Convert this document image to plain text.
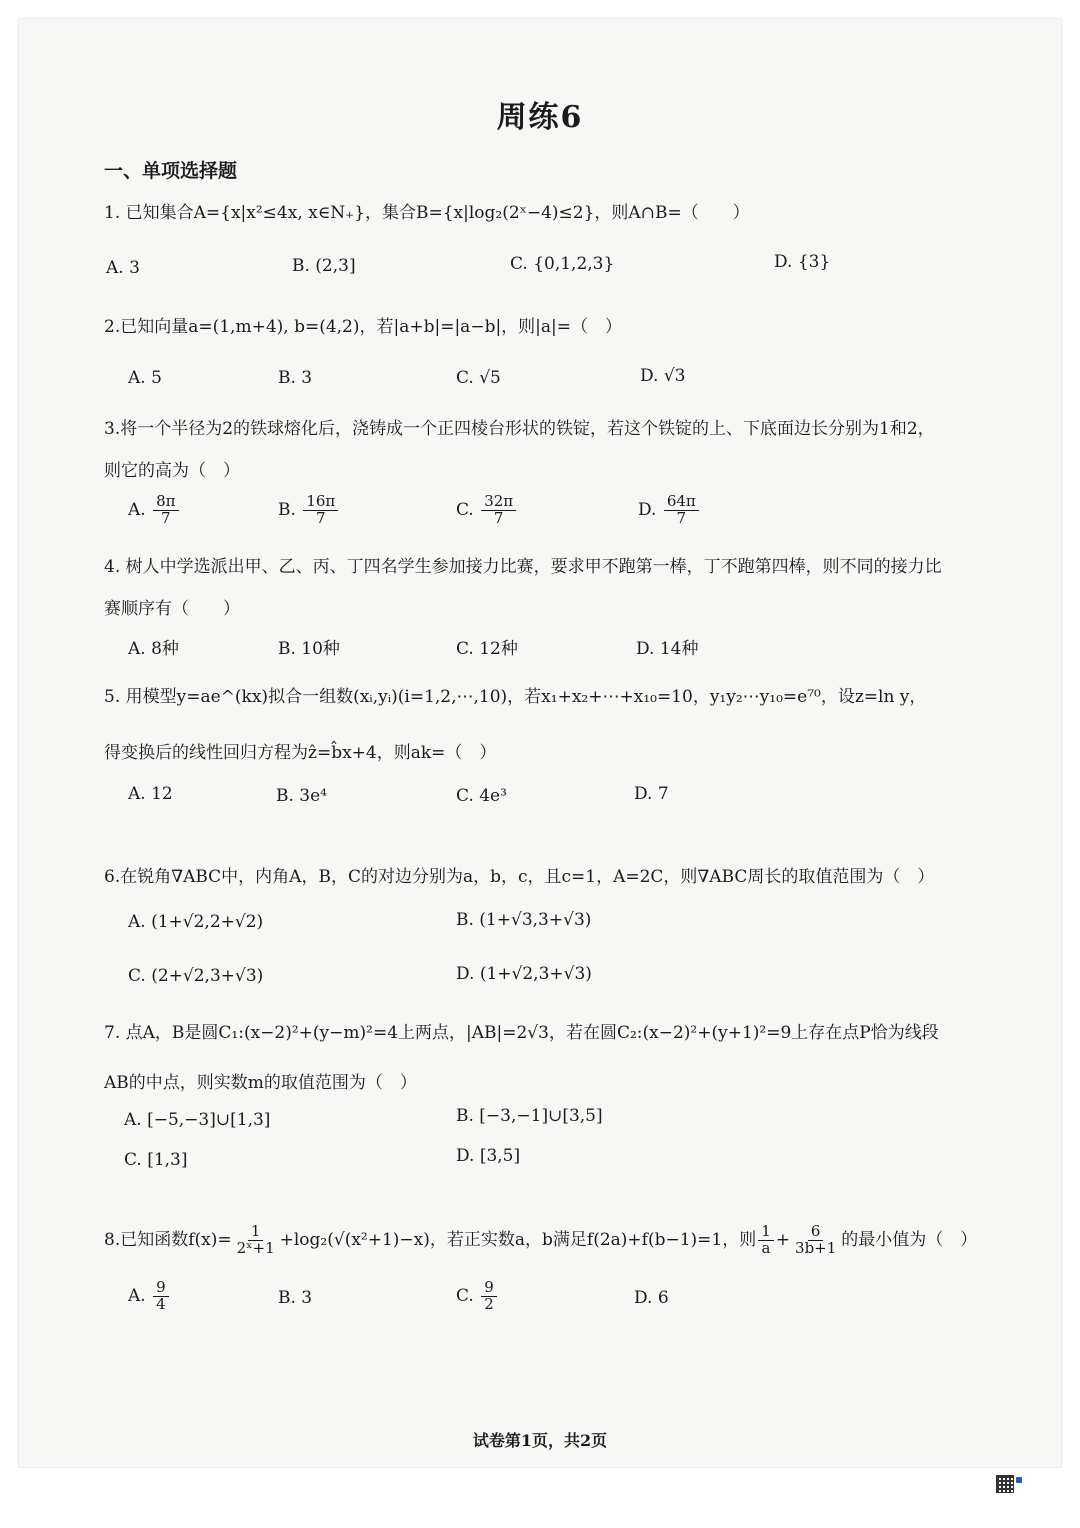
周练6
一、单项选择题
1. 已知集合A={x|x²≤4x, x∈N₊}，集合B={x|log₂(2ˣ−4)≤2}，则A∩B=（　　）
A. 3	B. (2,3]	C. {0,1,2,3}	D. {3}
2.已知向量a=(1,m+4), b=(4,2)，若|a+b|=|a−b|，则|a|=（　）
A. 5	B. 3	C. √5	D. √3
3.将一个半径为2的铁球熔化后，浇铸成一个正四棱台形状的铁锭，若这个铁锭的上、下底面边长分别为1和2，
则它的高为（　）
A. $\frac{8\pi}{7}$	B. $\frac{16\pi}{7}$	C. $\frac{32\pi}{7}$	D. $\frac{64\pi}{7}$
4. 树人中学选派出甲、乙、丙、丁四名学生参加接力比赛，要求甲不跑第一棒，丁不跑第四棒，则不同的接力比
赛顺序有（　　）
A. 8种	B. 10种	C. 12种	D. 14种
5. 用模型y=ae^(kx)拟合一组数(xᵢ,yᵢ)(i=1,2,⋯,10)，若x₁+x₂+⋯+x₁₀=10，y₁y₂⋯y₁₀=e⁷⁰，设z=ln y，
得变换后的线性回归方程为ẑ=b̂x+4，则ak=（　）
A. 12	B. 3e⁴	C. 4e³	D. 7
6.在锐角∇ABC中，内角A，B，C的对边分别为a，b，c，且c=1，A=2C，则∇ABC周长的取值范围为（　）
A. (1+√2,2+√2)	B. (1+√3,3+√3)
C. (2+√2,3+√3)	D. (1+√2,3+√3)
7. 点A，B是圆C₁:(x−2)²+(y−m)²=4上两点，|AB|=2√3，若在圆C₂:(x−2)²+(y+1)²=9上存在点P恰为线段
AB的中点，则实数m的取值范围为（　）
A. [−5,−3]∪[1,3]	B. [−3,−1]∪[3,5]
C. [1,3]	D. [3,5]
8.已知函数$f(x)= \frac{1}{\text{2ˣ+1}} +\log_2(√(x^2+1)-x)$，若正实数a，b满足f(2a)+f(b−1)=1，则 $\frac{1}{a} + \frac{6}{3b+1}$ 的最小值为（　）
A. $\frac{9}{4}$	B. 3	C. $\frac{9}{2}$	D. 6
试卷第1页，共2页
